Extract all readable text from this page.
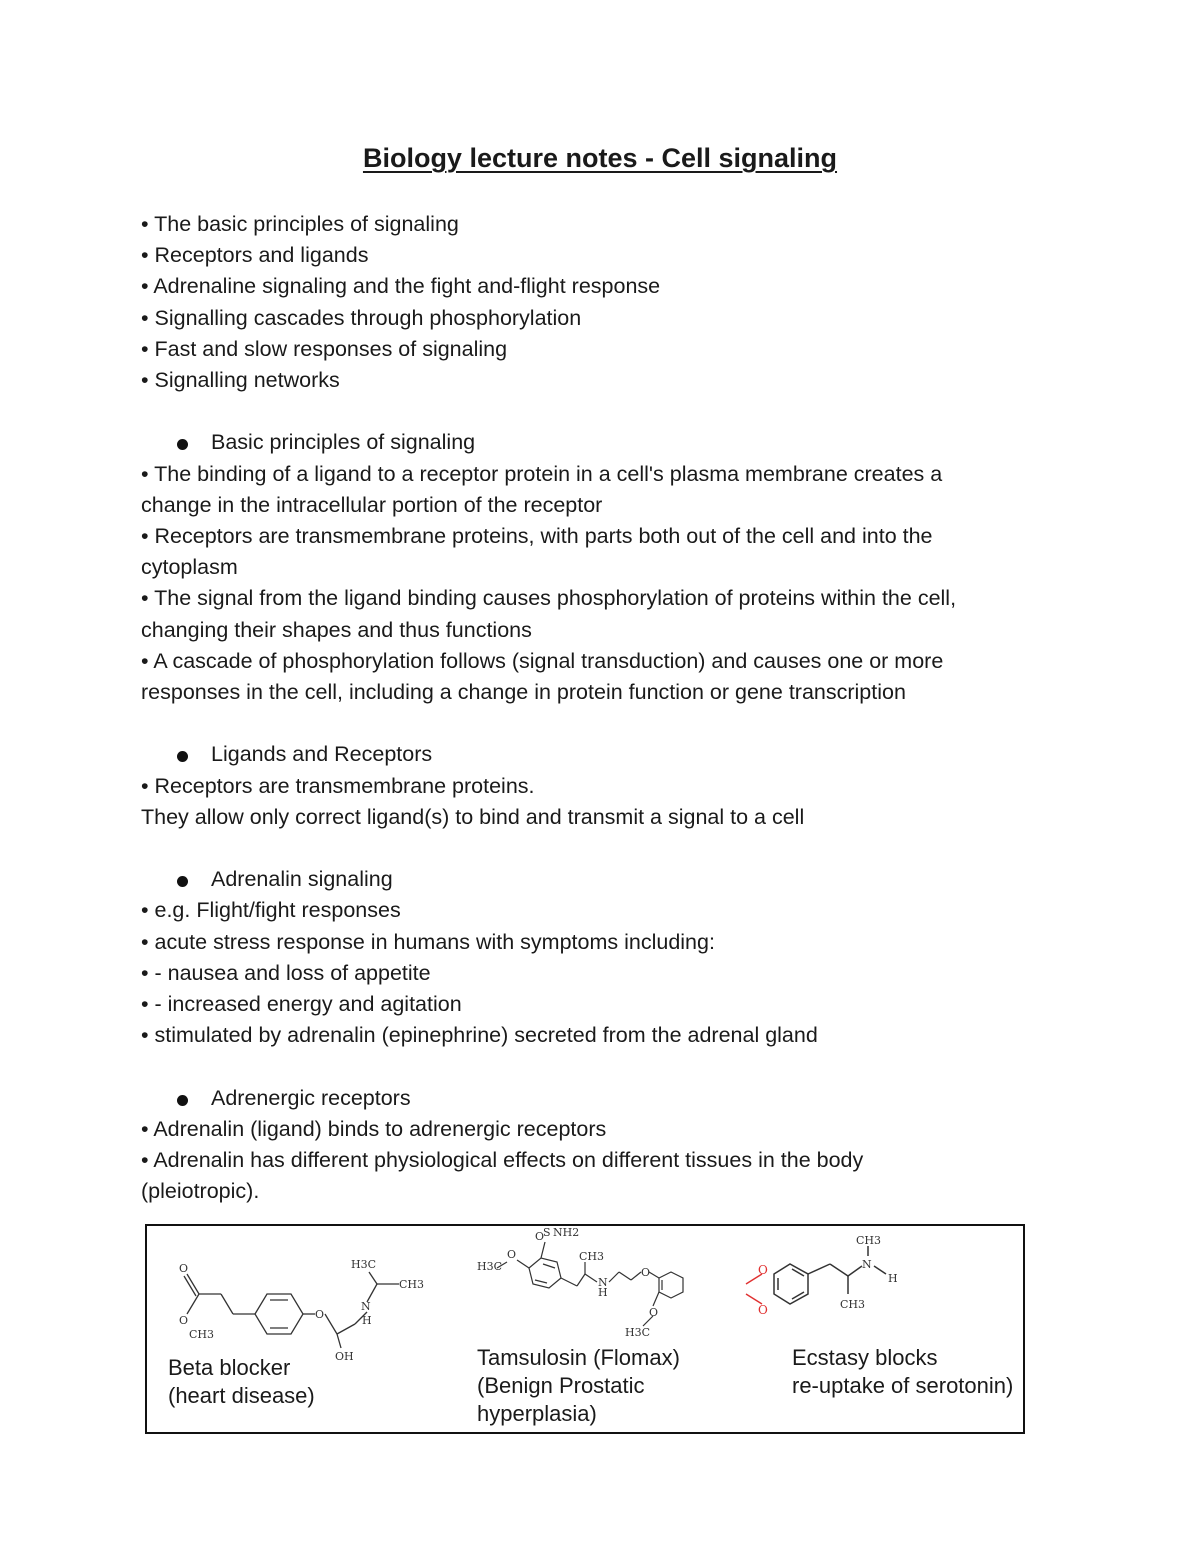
Biology lecture notes - Cell signaling
• The basic principles of signaling
• Receptors and ligands
• Adrenaline signaling and the fight and-flight response
• Signalling cascades through phosphorylation
• Fast and slow responses of signaling
• Signalling networks
Basic principles of signaling
• The binding of a ligand to a receptor protein in a cell's plasma membrane creates a
change in the intracellular portion of the receptor
• Receptors are transmembrane proteins, with parts both out of the cell and into the
cytoplasm
• The signal from the ligand binding causes phosphorylation of proteins within the cell,
changing their shapes and thus functions
• A cascade of phosphorylation follows (signal transduction) and causes one or more
responses in the cell, including a change in protein function or gene transcription
Ligands and Receptors
• Receptors are transmembrane proteins.
They allow only correct ligand(s) to bind and transmit a signal to a cell
Adrenalin signaling
• e.g. Flight/fight responses
• acute stress response in humans with symptoms including:
• - nausea and loss of appetite
• - increased energy and agitation
• stimulated by adrenalin (epinephrine) secreted from the adrenal gland
Adrenergic receptors
• Adrenalin (ligand) binds to adrenergic receptors
• Adrenalin has different physiological effects on different tissues in the body
(pleiotropic).
O
O
CH3
O
H3C
CH3
N
H
OH
Beta blocker
(heart disease)
O
S NH2
O
H3C
CH3
N
H
O
O
H3C
Tamsulosin (Flomax)
(Benign Prostatic
hyperplasia)
O
O
CH3
N
H
CH3
Ecstasy blocks
re-uptake of serotonin)
